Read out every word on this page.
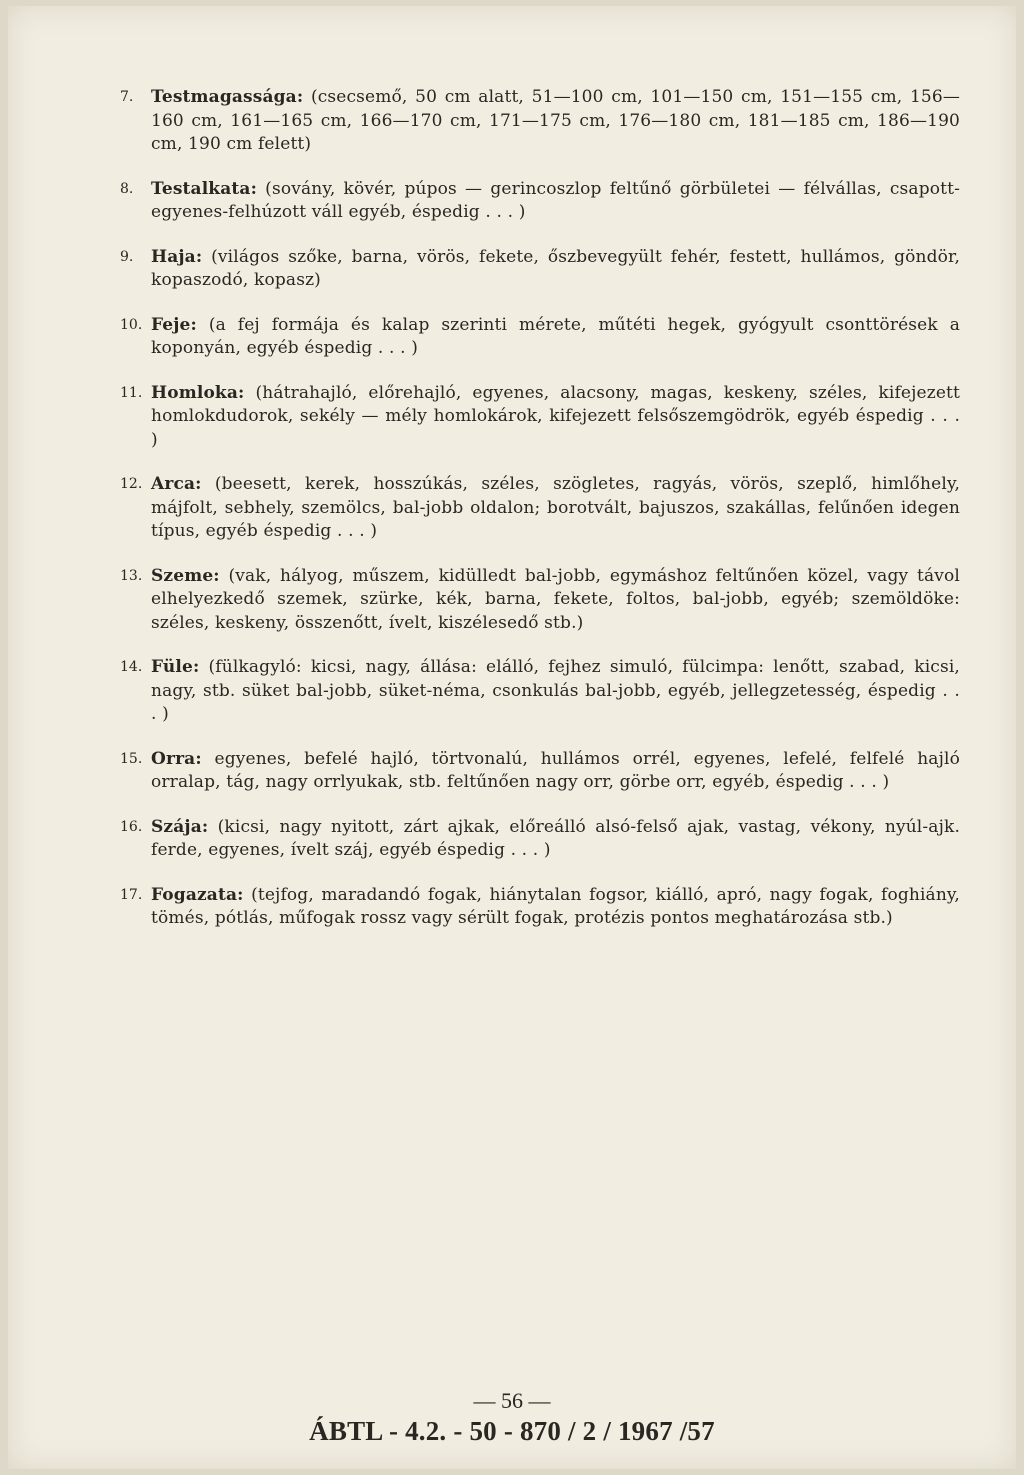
7. Testmagassága: (csecsemő, 50 cm alatt, 51—100 cm, 101—150 cm, 151—155 cm, 156—160 cm, 161—165 cm, 166—170 cm, 171—175 cm, 176—180 cm, 181—185 cm, 186—190 cm, 190 cm felett)
8. Testalkata: (sovány, kövér, púpos — gerincoszlop feltűnő görbületei — félvállas, csapott-egyenes-felhúzott váll egyéb, éspedig . . . )
9. Haja: (világos szőke, barna, vörös, fekete, őszbevegyült fehér, festett, hullámos, göndör, kopaszodó, kopasz)
10. Feje: (a fej formája és kalap szerinti mérete, műtéti hegek, gyógyult csonttörések a koponyán, egyéb éspedig . . . )
11. Homloka: (hátrahajló, előrehajló, egyenes, alacsony, magas, keskeny, széles, kifejezett homlokdudorok, sekély — mély homlokárok, kifejezett felsőszemgödrök, egyéb éspedig . . . )
12. Arca: (beesett, kerek, hosszúkás, széles, szögletes, ragyás, vörös, szeplő, himlőhely, májfolt, sebhely, szemölcs, bal-jobb oldalon; borotvált, bajuszos, szakállas, felűnően idegen típus, egyéb éspedig . . . )
13. Szeme: (vak, hályog, műszem, kidülledt bal-jobb, egymáshoz feltűnően közel, vagy távol elhelyezkedő szemek, szürke, kék, barna, fekete, foltos, bal-jobb, egyéb; szemöldöke: széles, keskeny, összenőtt, ívelt, kiszélesedő stb.)
14. Füle: (fülkagyló: kicsi, nagy, állása: elálló, fejhez simuló, fülcimpa: lenőtt, szabad, kicsi, nagy, stb. süket bal-jobb, süket-néma, csonkulás bal-jobb, egyéb, jellegzetesség, éspedig . . . )
15. Orra: egyenes, befelé hajló, törtvonalú, hullámos orrél, egyenes, lefelé, felfelé hajló orralap, tág, nagy orrlyukak, stb. feltűnően nagy orr, görbe orr, egyéb, éspedig . . . )
16. Szája: (kicsi, nagy nyitott, zárt ajkak, előreálló alsó-felső ajak, vastag, vékony, nyúl-ajk. ferde, egyenes, ívelt száj, egyéb éspedig . . . )
17. Fogazata: (tejfog, maradandó fogak, hiánytalan fogsor, kiálló, apró, nagy fogak, foghiány, tömés, pótlás, műfogak rossz vagy sérült fogak, protézis pontos meghatározása stb.)
— 56 —
ÁBTL - 4.2. - 50 - 870 / 2 / 1967 /57
